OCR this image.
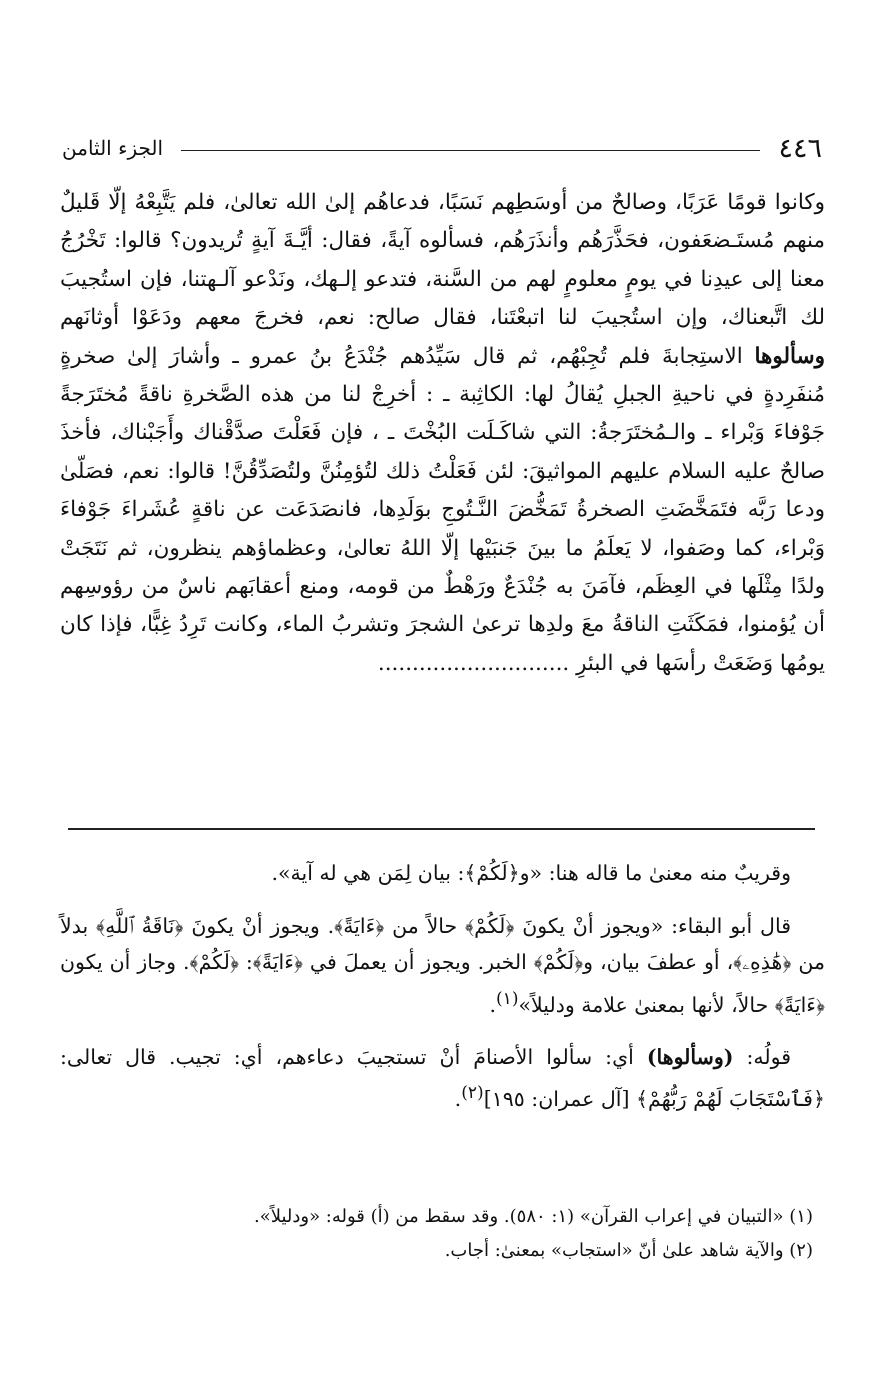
٤٤٦
الجزء الثامن

وكانوا قومًا عَرَبًا، وصالحٌ من أوسَطِهم نَسَبًا، فدعاهُم إلىٰ الله تعالىٰ، فلم يَتَّبِعْهُ إلّا قَليلٌ منهم مُستَـضعَفون، فحَذَّرَهُم وأنذَرَهُم، فسألوه آيةً، فقال: أيَّـةَ آيةٍ تُريدون؟ قالوا: تَخْرُجُ معنا إلى عيدِنا في يومٍ معلومٍ لهم من السَّنة، فتدعو إلـهك، ونَدْعو آلـهتنا، فإن استُجيبَ لك اتَّبعناك، وإن استُجيبَ لنا اتبعْتَنا، فقال صالح: نعم، فخرجَ معهم ودَعَوْا أوثانَهم وسألوها الاستِجابةَ فلم تُجِبْهُم، ثم قال سَيِّدُهم جُنْدَعُ بنُ عمرو ـ وأشارَ إلىٰ صخرةٍ مُنفَرِدةٍ في ناحيةِ الجبلِ يُقالُ لها: الكاثِبة ـ : أخرِجْ لنا من هذه الصَّخرةِ ناقةً مُختَرَجةً جَوْفاءَ وَبْراء ـ والـمُختَرَجةُ: التي شاكَـلَت البُخْتَ ـ ، فإن فَعَلْتَ صدَّقْناك وأَجَبْناك، فأخذَ صالحٌ عليه السلام عليهم المواثيقَ: لئن فَعَلْتُ ذلك لتُؤمِنُنَّ ولتُصَدِّقُنَّ! قالوا: نعم، فصَلّىٰ ودعا رَبَّه فتَمَخَّضَتِ الصخرةُ تَمَخُّضَ النَّـتُوجِ بوَلَدِها، فانصَدَعَت عن ناقةٍ عُشَراءَ جَوْفاءَ وَبْراء، كما وصَفوا، لا يَعلَمُ ما بينَ جَنبَيْها إلّا اللهُ تعالىٰ، وعظماؤهم ينظرون، ثم نَتَجَتْ ولدًا مِثْلَها في العِظَم، فآمَنَ به جُنْدَعٌ ورَهْطٌ من قومه، ومنع أعقابَهم ناسٌ من رؤوسِهم أن يُؤمنوا، فمَكَثَتِ الناقةُ معَ ولدِها ترعىٰ الشجرَ وتشربُ الماء، وكانت تَرِدُ غِبًّا، فإذا كان يومُها وَضَعَتْ رأسَها في البئرِ ............................

وقريبٌ منه معنىٰ ما قاله هنا: «و﴿لَكُمْ﴾: بيان لِمَن هي له آية».

قال أبو البقاء: «ويجوز أنْ يكونَ ﴿لَكُمْ﴾ حالاً من ﴿ءَايَةً﴾. ويجوز أنْ يكونَ ﴿نَاقَةُ ٱللَّهِ﴾ بدلاً من ﴿هَٰذِهِۦ﴾، أو عطفَ بيان، و﴿لَكُمْ﴾ الخبر. ويجوز أن يعملَ في ﴿ءَايَةً﴾: ﴿لَكُمْ﴾. وجاز أن يكون ﴿ءَايَةً﴾ حالاً، لأنها بمعنىٰ علامة ودليلاً»$^{(١)}$.

قولُه: (وسألوها) أي: سألوا الأصنامَ أنْ تستجيبَ دعاءهم، أي: تجيب. قال تعالى: ﴿فَٱسْتَجَابَ لَهُمْ رَبُّهُمْ﴾ [آل عمران: ١٩٥]$^{(٢)}$.

(١) «التبيان في إعراب القرآن» (١: ٥٨٠). وقد سقط من (أ) قوله: «ودليلاً».

(٢) والآية شاهد علىٰ أنّ «استجاب» بمعنىٰ: أجاب.
